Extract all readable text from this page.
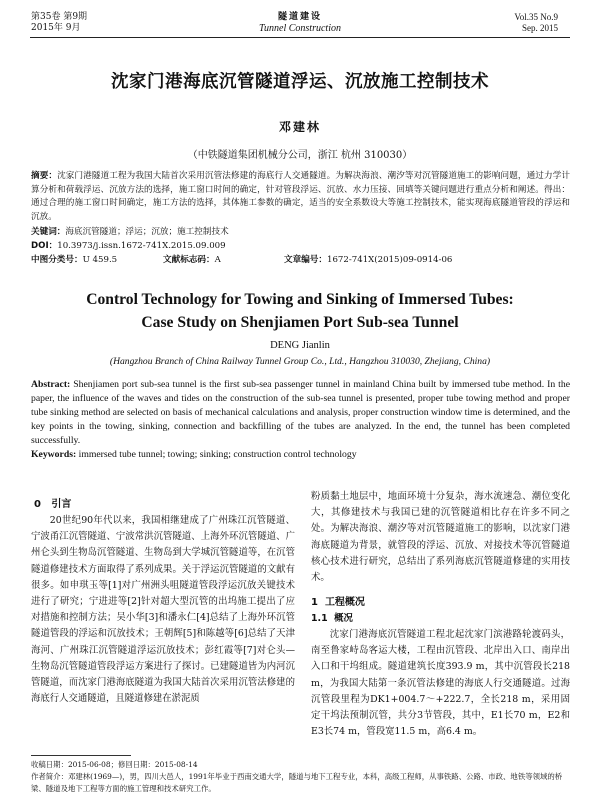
第35卷 第9期
2015年 9月
隧道建设
Tunnel Construction
Vol.35 No.9
Sep. 2015
沈家门港海底沉管隧道浮运、沉放施工控制技术
邓建林
（中铁隧道集团机械分公司，浙江 杭州 310030）
摘要：沈家门港隧道工程为我国大陆首次采用沉管法修建的海底行人交通隧道。为解决海浪、潮汐等对沉管隧道施工的影响问题，通过力学计算分析和荷载浮运、沉放方法的选择，施工窗口时间的确定，针对管段浮运、沉放、水力压接、回填等关键问题进行重点分析和阐述。得出：通过合理的施工窗口时间确定，施工方法的选择，其体施工参数的确定，适当的安全系数设大等施工控制技术，能实现海底隧道管段的浮运和沉放。
关键词：海底沉管隧道；浮运；沉放；施工控制技术
DOI：10.3973/j.issn.1672-741X.2015.09.009
中图分类号：U 459.5	文献标志码：A	文章编号：1672-741X(2015)09-0914-06
Control Technology for Towing and Sinking of Immersed Tubes:
Case Study on Shenjiamen Port Sub-sea Tunnel
DENG Jianlin
(Hangzhou Branch of China Railway Tunnel Group Co., Ltd., Hangzhou 310030, Zhejiang, China)
Abstract: Shenjiamen port sub-sea tunnel is the first sub-sea passenger tunnel in mainland China built by immersed tube method. In the paper, the influence of the waves and tides on the construction of the sub-sea tunnel is presented, proper tube towing method and proper tube sinking method are selected on basis of mechanical calculations and analysis, proper construction window time is determined, and the key points in the towing, sinking, connection and backfilling of the tubes are analyzed. In the end, the tunnel has been completed successfully.
Keywords: immersed tube tunnel; towing; sinking; construction control technology
0 引言
20世纪90年代以来，我国相继建成了广州珠江沉管隧道、宁波甬江沉管隧道、宁波常洪沉管隧道、上海外环沉管隧道、广州仑头到生物岛沉管隧道、生物岛到大学城沉管隧道等，在沉管隧道修建技术方面取得了系列成果。关于浮运沉管隧道的文献有很多。如申琪玉等[1]对广州洲头咀隧道管段浮运沉放关键技术进行了研究；宁进进等[2]针对超大型沉管的出坞施工提出了应对措施和控制方法；吴小华[3]和潘永仁[4]总结了上海外环沉管隧道管段的浮运和沉放技术；王朝辉[5]和陈越等[6]总结了天津海河、广州珠江沉管隧道浮运沉放技术；彭红霞等[7]对仑头—生物岛沉管隧道管段浮运方案进行了探讨。已建隧道皆为内河沉管隧道，而沈家门港海底隧道为我国大陆首次采用沉管法修建的海底行人交通隧道，且隧道修建在淤泥质
粉质黏土地层中，地面环境十分复杂，海水流速急、潮位变化大，其修建技术与我国已建的沉管隧道相比存在许多不同之处。为解决海浪、潮汐等对沉管隧道施工的影响，以沈家门港海底隧道为背景，就管段的浮运、沉放、对接技术等沉管隧道核心技术进行研究，总结出了系列海底沉管隧道修建的实用技术。
1 工程概况
1.1 概况
沈家门港海底沉管隧道工程北起沈家门滨港路轮渡码头，南至鲁家峙岛客运大楼，工程由沉管段、北岸出入口、南岸出入口和干坞组成。隧道建筑长度393.9 m，其中沉管段长218 m，为我国大陆第一条沉管法修建的海底人行交通隧道。过海沉管段里程为DK1+004.7～+222.7，全长218 m，采用固定干坞法预制沉管，共分3节管段，其中，E1长70 m，E2和E3长74 m，管段宽11.5 m，高6.4 m。
收稿日期：2015-06-08；修回日期：2015-08-14
作者简介：邓建林(1969—)，男，四川大邑人，1991年毕业于西南交通大学，隧道与地下工程专业，本科，高级工程师，从事铁路、公路、市政、地铁等领域的桥梁、隧道及地下工程等方面的施工管理和技术研究工作。
